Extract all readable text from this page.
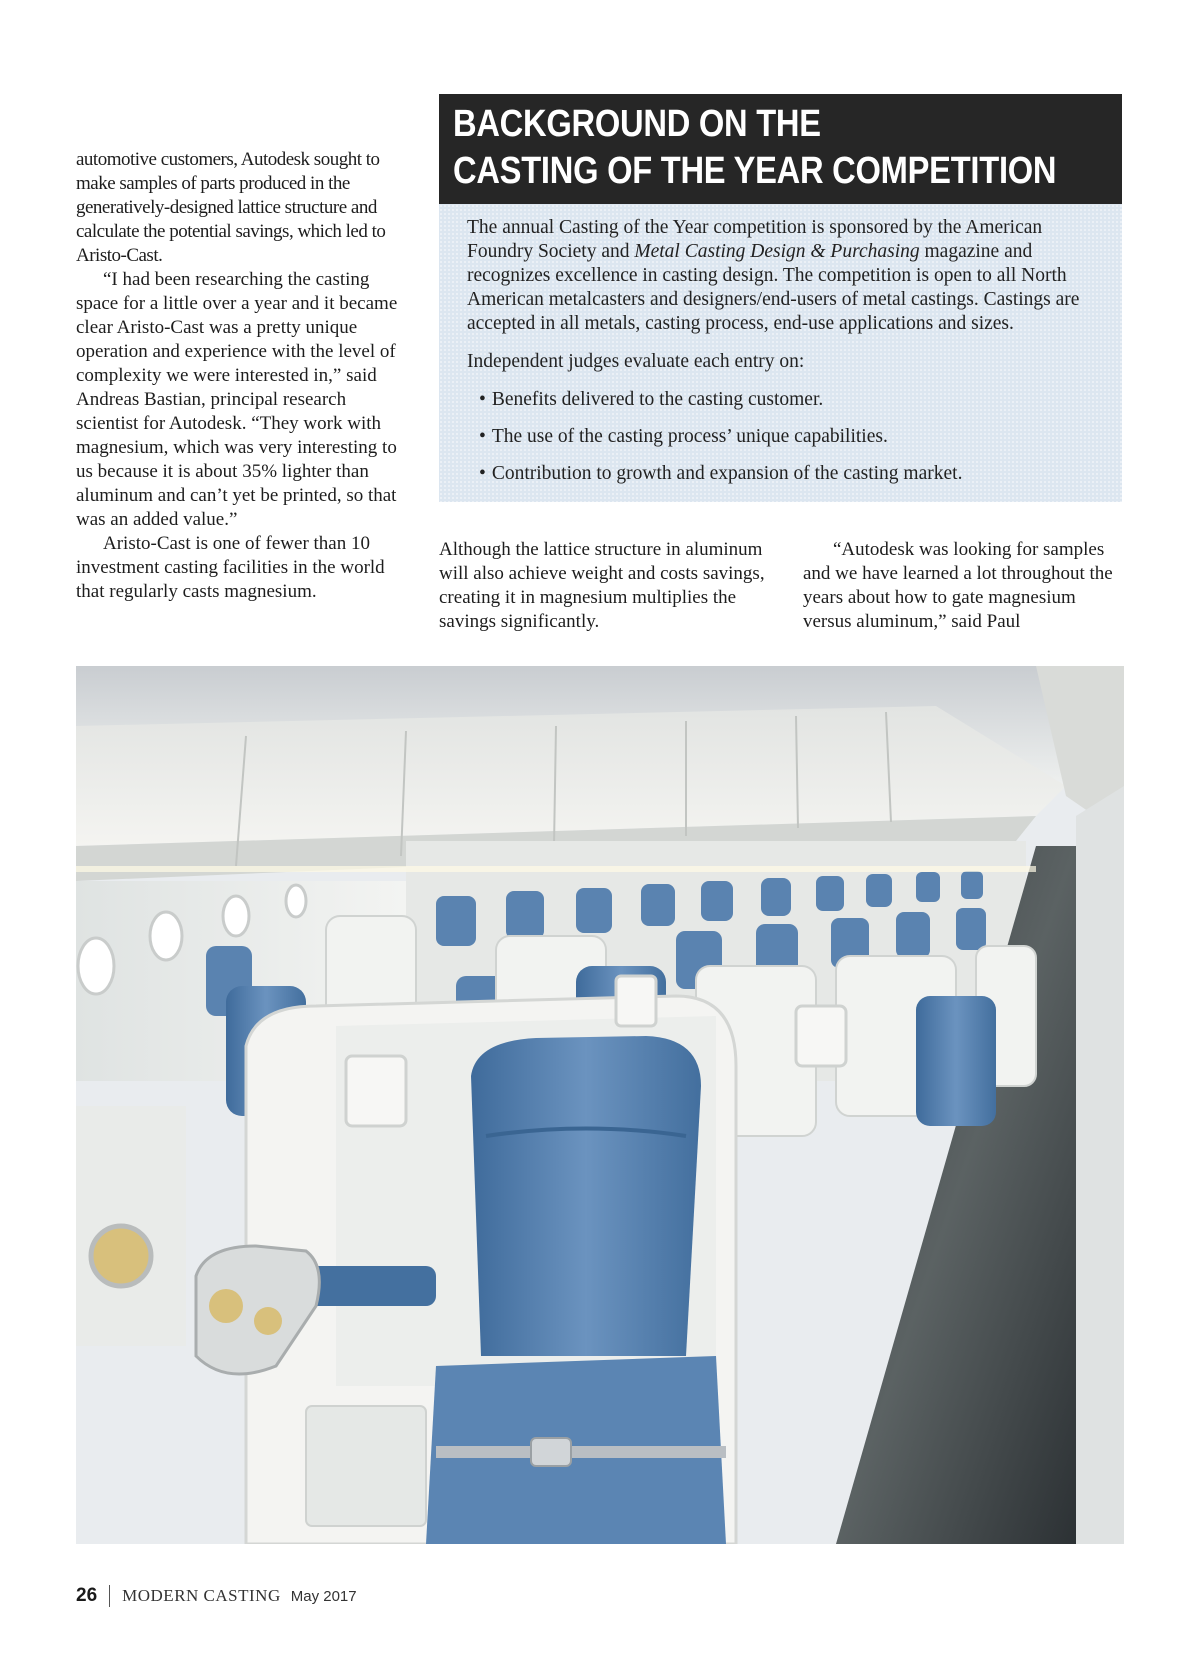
automotive customers, Autodesk sought to make samples of parts produced in the generatively-designed lattice structure and calculate the potential savings, which led to Aristo-Cast.

“I had been researching the casting space for a little over a year and it became clear Aristo-Cast was a pretty unique operation and experience with the level of complexity we were interested in,” said Andreas Bastian, principal research scientist for Autodesk. “They work with magnesium, which was very interesting to us because it is about 35% lighter than aluminum and can’t yet be printed, so that was an added value.”

Aristo-Cast is one of fewer than 10 investment casting facilities in the world that regularly casts magnesium.

BACKGROUND ON THE
CASTING OF THE YEAR COMPETITION

The annual Casting of the Year competition is sponsored by the American Foundry Society and Metal Casting Design & Purchasing magazine and recognizes excellence in casting design. The competition is open to all North American metalcasters and designers/end-users of metal castings. Castings are accepted in all metals, casting process, end-use applications and sizes.

Independent judges evaluate each entry on:

• Benefits delivered to the casting customer.
• The use of the casting process’ unique capabilities.
• Contribution to growth and expansion of the casting market.

Although the lattice structure in aluminum will also achieve weight and costs savings, creating it in magnesium multiplies the savings significantly.

“Autodesk was looking for samples and we have learned a lot throughout the years about how to gate magnesium versus aluminum,” said Paul

26 MODERN CASTING May 2017
